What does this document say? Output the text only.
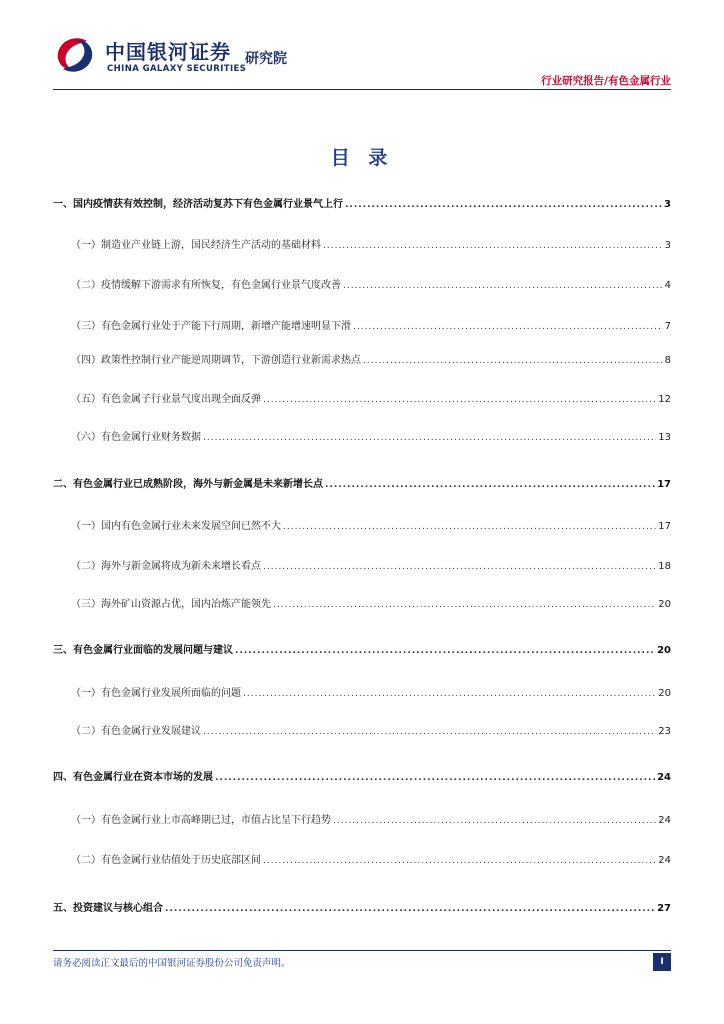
中国银河证券
CHINA GALAXY SECURITIES
研究院
行业研究报告/有色金属行业
目 录
一、国内疫情获有效控制，经济活动复苏下有色金属行业景气上行 .....	3
（一）制造业产业链上游，国民经济生产活动的基础材料 .....	3
（二）疫情缓解下游需求有所恢复，有色金属行业景气度改善 .....	4
（三）有色金属行业处于产能下行周期，新增产能增速明显下滑 .....	7
（四）政策性控制行业产能逆周期调节，下游创造行业新需求热点 .....	8
（五）有色金属子行业景气度出现全面反弹 .....	12
（六）有色金属行业财务数据 .....	13
二、有色金属行业已成熟阶段，海外与新金属是未来新增长点 .....	17
（一）国内有色金属行业未来发展空间已然不大 .....	17
（二）海外与新金属将成为新未来增长看点 .....	18
（三）海外矿山资源占优，国内冶炼产能领先 .....	20
三、有色金属行业面临的发展问题与建议 .....	20
（一）有色金属行业发展所面临的问题 .....	20
（二）有色金属行业发展建议 .....	23
四、有色金属行业在资本市场的发展 .....	24
（一）有色金属行业上市高峰期已过，市值占比呈下行趋势 .....	24
（二）有色金属行业估值处于历史底部区间 .....	24
五、投资建议与核心组合 .....	27
请务必阅读正文最后的中国银河证券股份公司免责声明。	I
